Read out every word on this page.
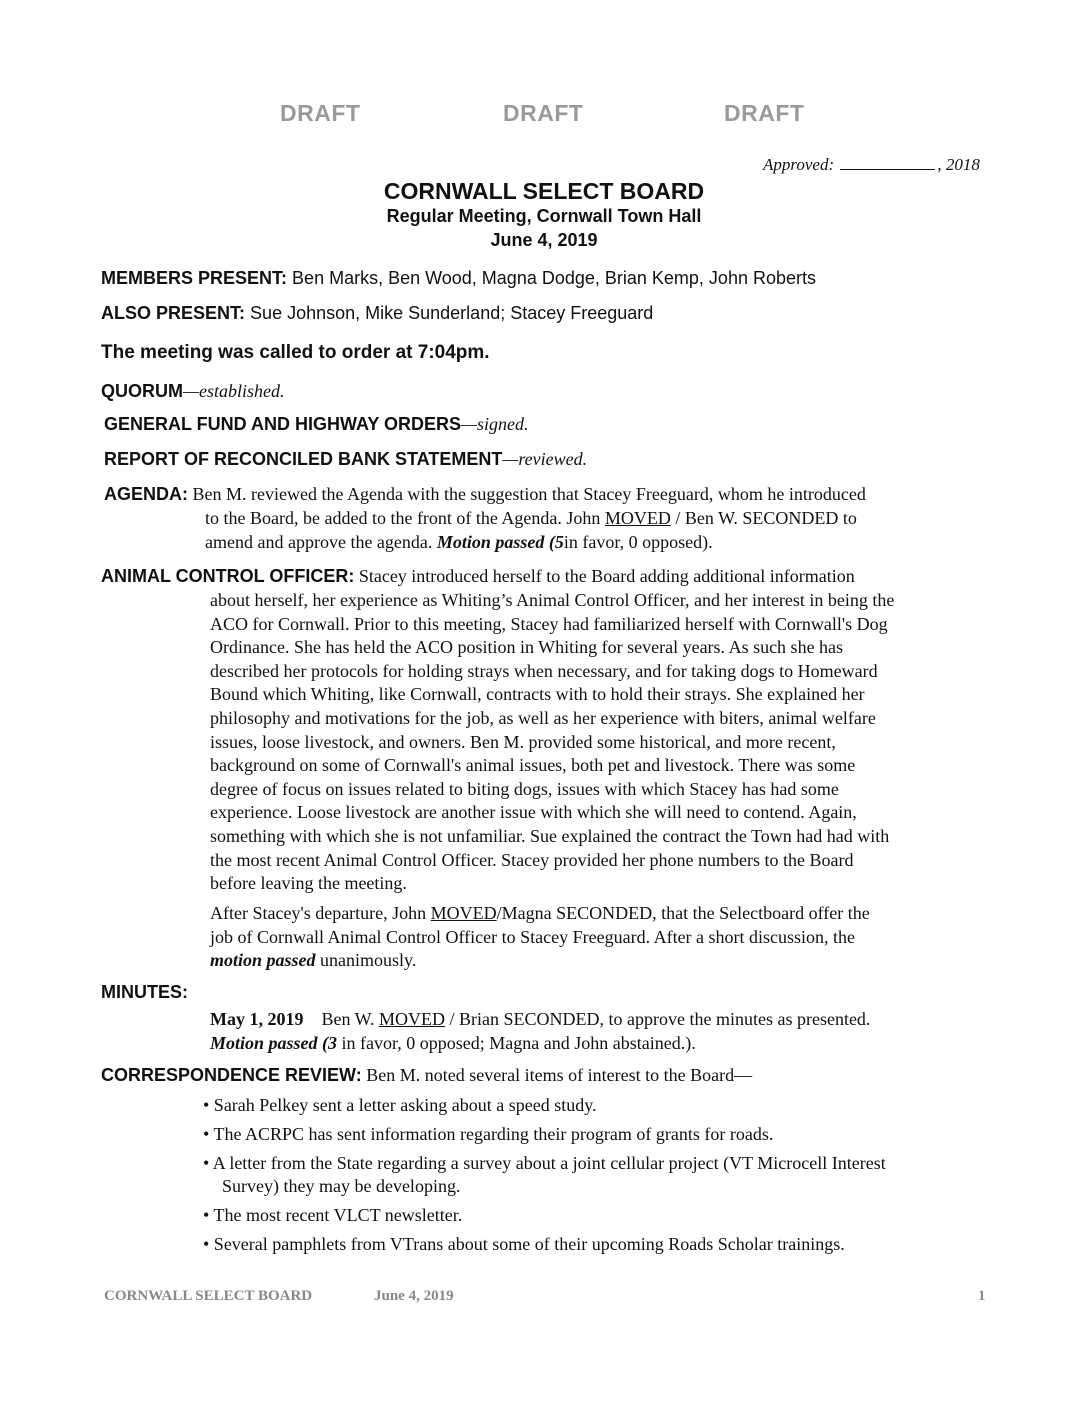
DRAFT	DRAFT	DRAFT
Approved:	, 2018
CORNWALL SELECT BOARD
Regular Meeting, Cornwall Town Hall
June 4, 2019
MEMBERS PRESENT: Ben Marks, Ben Wood, Magna Dodge, Brian Kemp, John Roberts
ALSO PRESENT: Sue Johnson, Mike Sunderland; Stacey Freeguard
The meeting was called to order at 7:04pm.
QUORUM—established.
GENERAL FUND AND HIGHWAY ORDERS—signed.
REPORT OF RECONCILED BANK STATEMENT—reviewed.
AGENDA: Ben M. reviewed the Agenda with the suggestion that Stacey Freeguard, whom he introduced
to the Board, be added to the front of the Agenda. John MOVED / Ben W. SECONDED to
amend and approve the agenda. Motion passed (5in favor, 0 opposed).
ANIMAL CONTROL OFFICER: Stacey introduced herself to the Board adding additional information
about herself, her experience as Whiting’s Animal Control Officer, and her interest in being the
ACO for Cornwall. Prior to this meeting, Stacey had familiarized herself with Cornwall's Dog
Ordinance. She has held the ACO position in Whiting for several years. As such she has
described her protocols for holding strays when necessary, and for taking dogs to Homeward
Bound which Whiting, like Cornwall, contracts with to hold their strays. She explained her
philosophy and motivations for the job, as well as her experience with biters, animal welfare
issues, loose livestock, and owners. Ben M. provided some historical, and more recent,
background on some of Cornwall's animal issues, both pet and livestock. There was some
degree of focus on issues related to biting dogs, issues with which Stacey has had some
experience. Loose livestock are another issue with which she will need to contend. Again,
something with which she is not unfamiliar. Sue explained the contract the Town had had with
the most recent Animal Control Officer. Stacey provided her phone numbers to the Board
before leaving the meeting.
After Stacey's departure, John MOVED/Magna SECONDED, that the Selectboard offer the
job of Cornwall Animal Control Officer to Stacey Freeguard. After a short discussion, the
motion passed unanimously.
MINUTES:
May 1, 2019 Ben W. MOVED / Brian SECONDED, to approve the minutes as presented.
Motion passed (3 in favor, 0 opposed; Magna and John abstained.).
CORRESPONDENCE REVIEW: Ben M. noted several items of interest to the Board—
• Sarah Pelkey sent a letter asking about a speed study.
• The ACRPC has sent information regarding their program of grants for roads.
• A letter from the State regarding a survey about a joint cellular project (VT Microcell Interest
Survey) they may be developing.
• The most recent VLCT newsletter.
• Several pamphlets from VTrans about some of their upcoming Roads Scholar trainings.
CORNWALL SELECT BOARD	June 4, 2019	1
